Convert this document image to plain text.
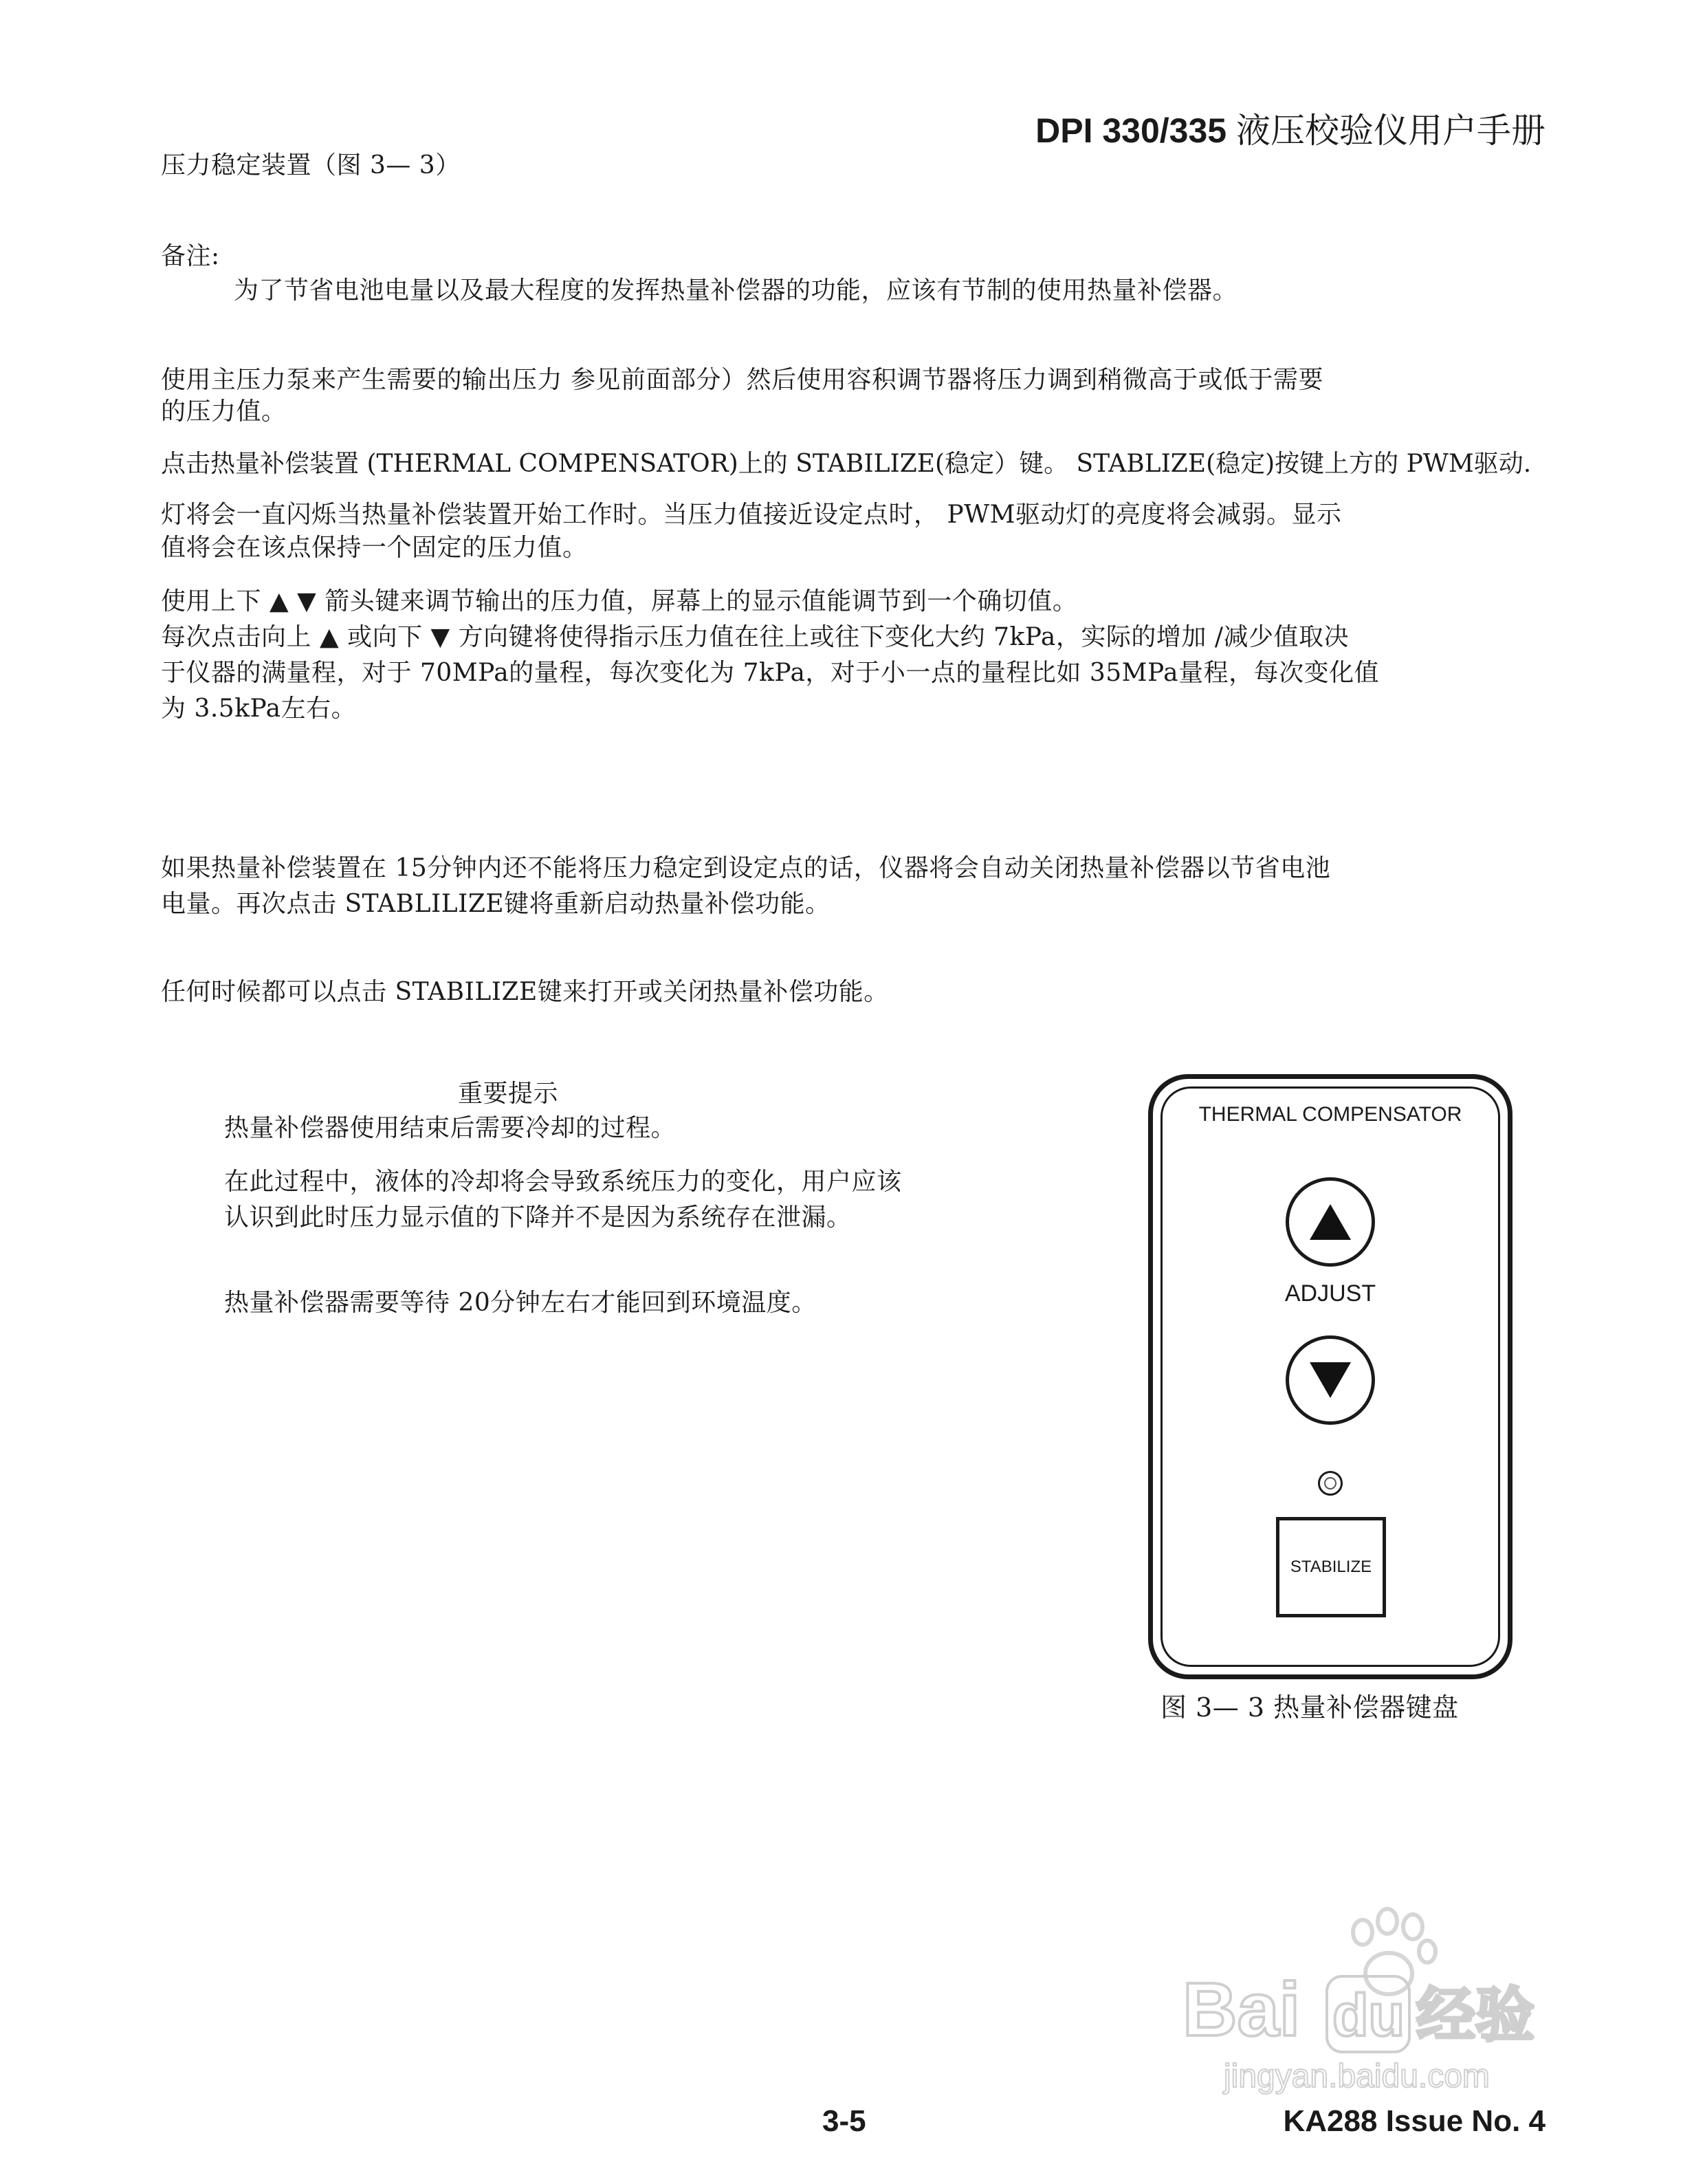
DPI 330/335 液压校验仪用户手册
压力稳定装置（图 3— 3）
备注:
为了节省电池电量以及最大程度的发挥热量补偿器的功能，应该有节制的使用热量补偿器。
使用主压力泵来产生需要的输出压力 参见前面部分）然后使用容积调节器将压力调到稍微高于或低于需要
的压力值。
点击热量补偿装置 (THERMAL COMPENSATOR)上的 STABILIZE(稳定）键。 STABLIZE(稳定)按键上方的 PWM驱动.
灯将会一直闪烁当热量补偿装置开始工作时。当压力值接近设定点时， PWM驱动灯的亮度将会减弱。显示
值将会在该点保持一个固定的压力值。
使用上下 ▲ ▼ 箭头键来调节输出的压力值，屏幕上的显示值能调节到一个确切值。
每次点击向上 ▲ 或向下 ▼ 方向键将使得指示压力值在往上或往下变化大约 7kPa，实际的增加 /减少值取决
于仪器的满量程，对于 70MPa的量程，每次变化为 7kPa，对于小一点的量程比如 35MPa量程，每次变化值
为 3.5kPa左右。
如果热量补偿装置在 15分钟内还不能将压力稳定到设定点的话，仪器将会自动关闭热量补偿器以节省电池
电量。再次点击 STABLILIZE键将重新启动热量补偿功能。
任何时候都可以点击 STABILIZE键来打开或关闭热量补偿功能。
重要提示
热量补偿器使用结束后需要冷却的过程。
在此过程中，液体的冷却将会导致系统压力的变化，用户应该
认识到此时压力显示值的下降并不是因为系统存在泄漏。
热量补偿器需要等待 20分钟左右才能回到环境温度。
THERMAL COMPENSATOR
ADJUST
STABILIZE
图 3— 3 热量补偿器键盘
Bai du 经验
jingyan.baidu.com
3-5	KA288 Issue No. 4
